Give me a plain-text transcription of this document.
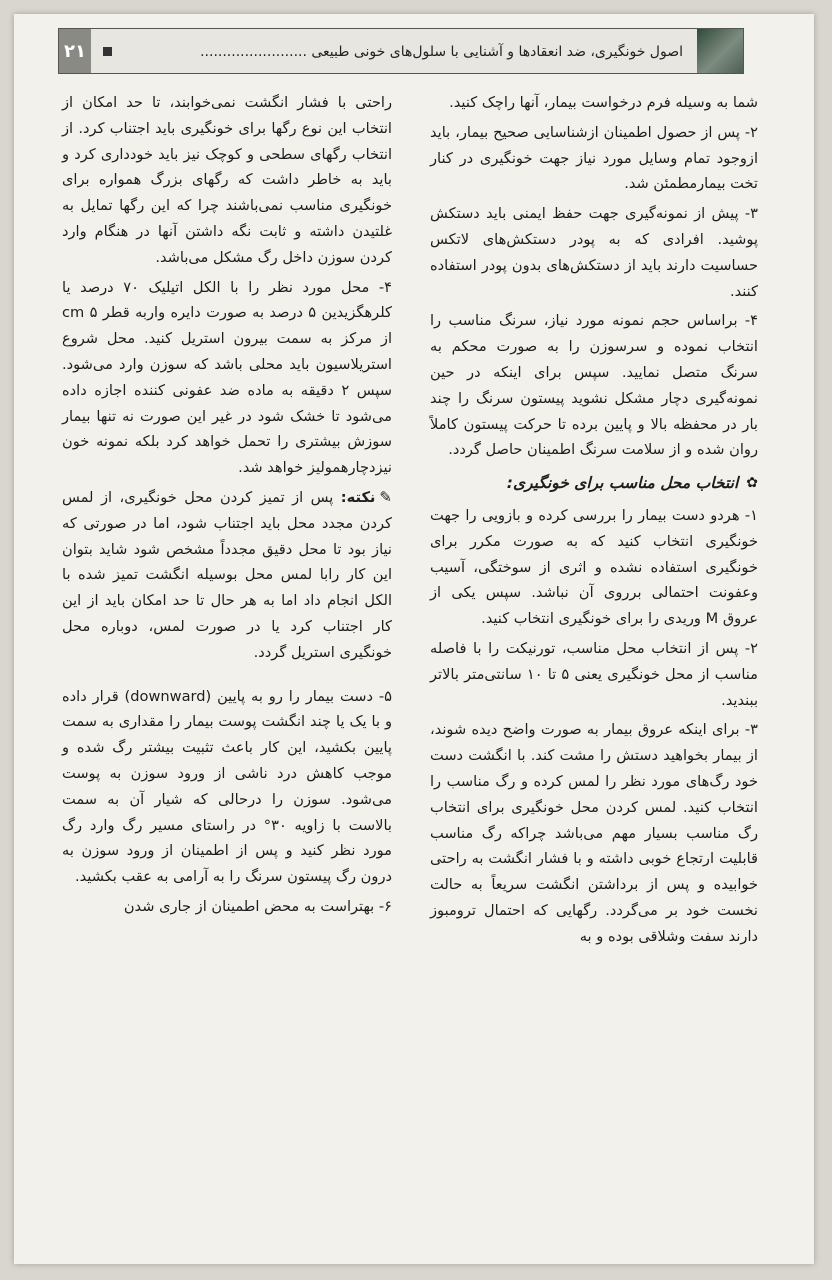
۲۱	اصول خونگیری، ضد انعقادها و آشنایی با سلول‌های خونی طبیعی ........................

شما به وسیله فرم درخواست بیمار، آنها راچک کنید.

۲- پس از حصول اطمینان ازشناسایی صحیح بیمار، باید ازوجود تمام وسایل مورد نیاز جهت خونگیری در کنار تخت بیمارمطمئن شد.

۳- پیش از نمونه‌گیری جهت حفظ ایمنی باید دستکش پوشید. افرادی که به پودر دستکش‌های لاتکس حساسیت دارند باید از دستکش‌های بدون پودر استفاده کنند.

۴- براساس حجم نمونه مورد نیاز، سرنگ مناسب را انتخاب نموده و سرسوزن را به صورت محکم به سرنگ متصل نمایید. سپس برای اینکه در حین نمونه‌گیری دچار مشکل نشوید پیستون سرنگ را چند بار در محفظه بالا و پایین برده تا حرکت پیستون کاملاً روان شده و از سلامت سرنگ اطمینان حاصل گردد.

✿
انتخاب محل مناسب برای خونگیری:

۱- هردو دست بیمار را بررسی کرده و بازویی را جهت خونگیری انتخاب کنید که به صورت مکرر برای خونگیری استفاده نشده و اثری از سوختگی، آسیب وعفونت احتمالی برروی آن نباشد. سپس یکی از عروق M وریدی را برای خونگیری انتخاب کنید.

۲- پس از انتخاب محل مناسب، تورنیکت را با فاصله مناسب از محل خونگیری یعنی ۵ تا ۱۰ سانتی‌متر بالاتر ببندید.

۳- برای اینکه عروق بیمار به صورت واضح دیده شوند، از بیمار بخواهید دستش را مشت کند. با انگشت دست خود رگ‌های مورد نظر را لمس کرده و رگ مناسب را انتخاب کنید. لمس کردن محل خونگیری برای انتخاب رگ مناسب بسیار مهم می‌باشد چراکه رگ مناسب قابلیت ارتجاع خوبی داشته و با فشار انگشت به راحتی خوابیده و پس از برداشتن انگشت سریعاً به حالت نخست خود بر می‌گردد. رگهایی که احتمال ترومبوز دارند سفت وشلاقی بوده و به

راحتی با فشار انگشت نمی‌خوابند، تا حد امکان از انتخاب این نوع رگها برای خونگیری باید اجتناب کرد. از انتخاب رگهای سطحی و کوچک نیز باید خودداری کرد و باید به خاطر داشت که رگهای بزرگ همواره برای خونگیری مناسب نمی‌باشند چرا که این رگها تمایل به غلتیدن داشته و ثابت نگه داشتن آنها در هنگام وارد کردن سوزن داخل رگ مشکل می‌باشد.

۴- محل مورد نظر را با الکل اتیلیک ۷۰ درصد یا کلرهگزیدین ۵ درصد به صورت دایره واربه قطر cm ۵ از مرکز به سمت بیرون استریل کنید. محل شروع استریلاسیون باید محلی باشد که سوزن وارد می‌شود. سپس ۲ دقیقه به ماده ضد عفونی کننده اجازه داده می‌شود تا خشک شود در غیر این صورت نه تنها بیمار سوزش بیشتری را تحمل خواهد کرد بلکه نمونه خون نیزدچارهمولیز خواهد شد.

✎نکته: پس از تمیز کردن محل خونگیری، از لمس کردن مجدد محل باید اجتناب شود، اما در صورتی که نیاز بود تا محل دقیق مجدداً مشخص شود شاید بتوان این کار رابا لمس محل بوسیله انگشت تمیز شده با الکل انجام داد اما به هر حال تا حد امکان باید از این کار اجتناب کرد یا در صورت لمس، دوباره محل خونگیری استریل گردد.

۵- دست بیمار را رو به پایین (downward) قرار داده و با یک یا چند انگشت پوست بیمار را مقداری به سمت پایین بکشید، این کار باعث تثبیت بیشتر رگ شده و موجب کاهش درد ناشی از ورود سوزن به پوست می‌شود. سوزن را درحالی که شیار آن به سمت بالاست با زاویه ۳۰° در راستای مسیر رگ وارد رگ مورد نظر کنید و پس از اطمینان از ورود سوزن به درون رگ پیستون سرنگ را به آرامی به عقب بکشید.

۶- بهتراست به محض اطمینان از جاری شدن
